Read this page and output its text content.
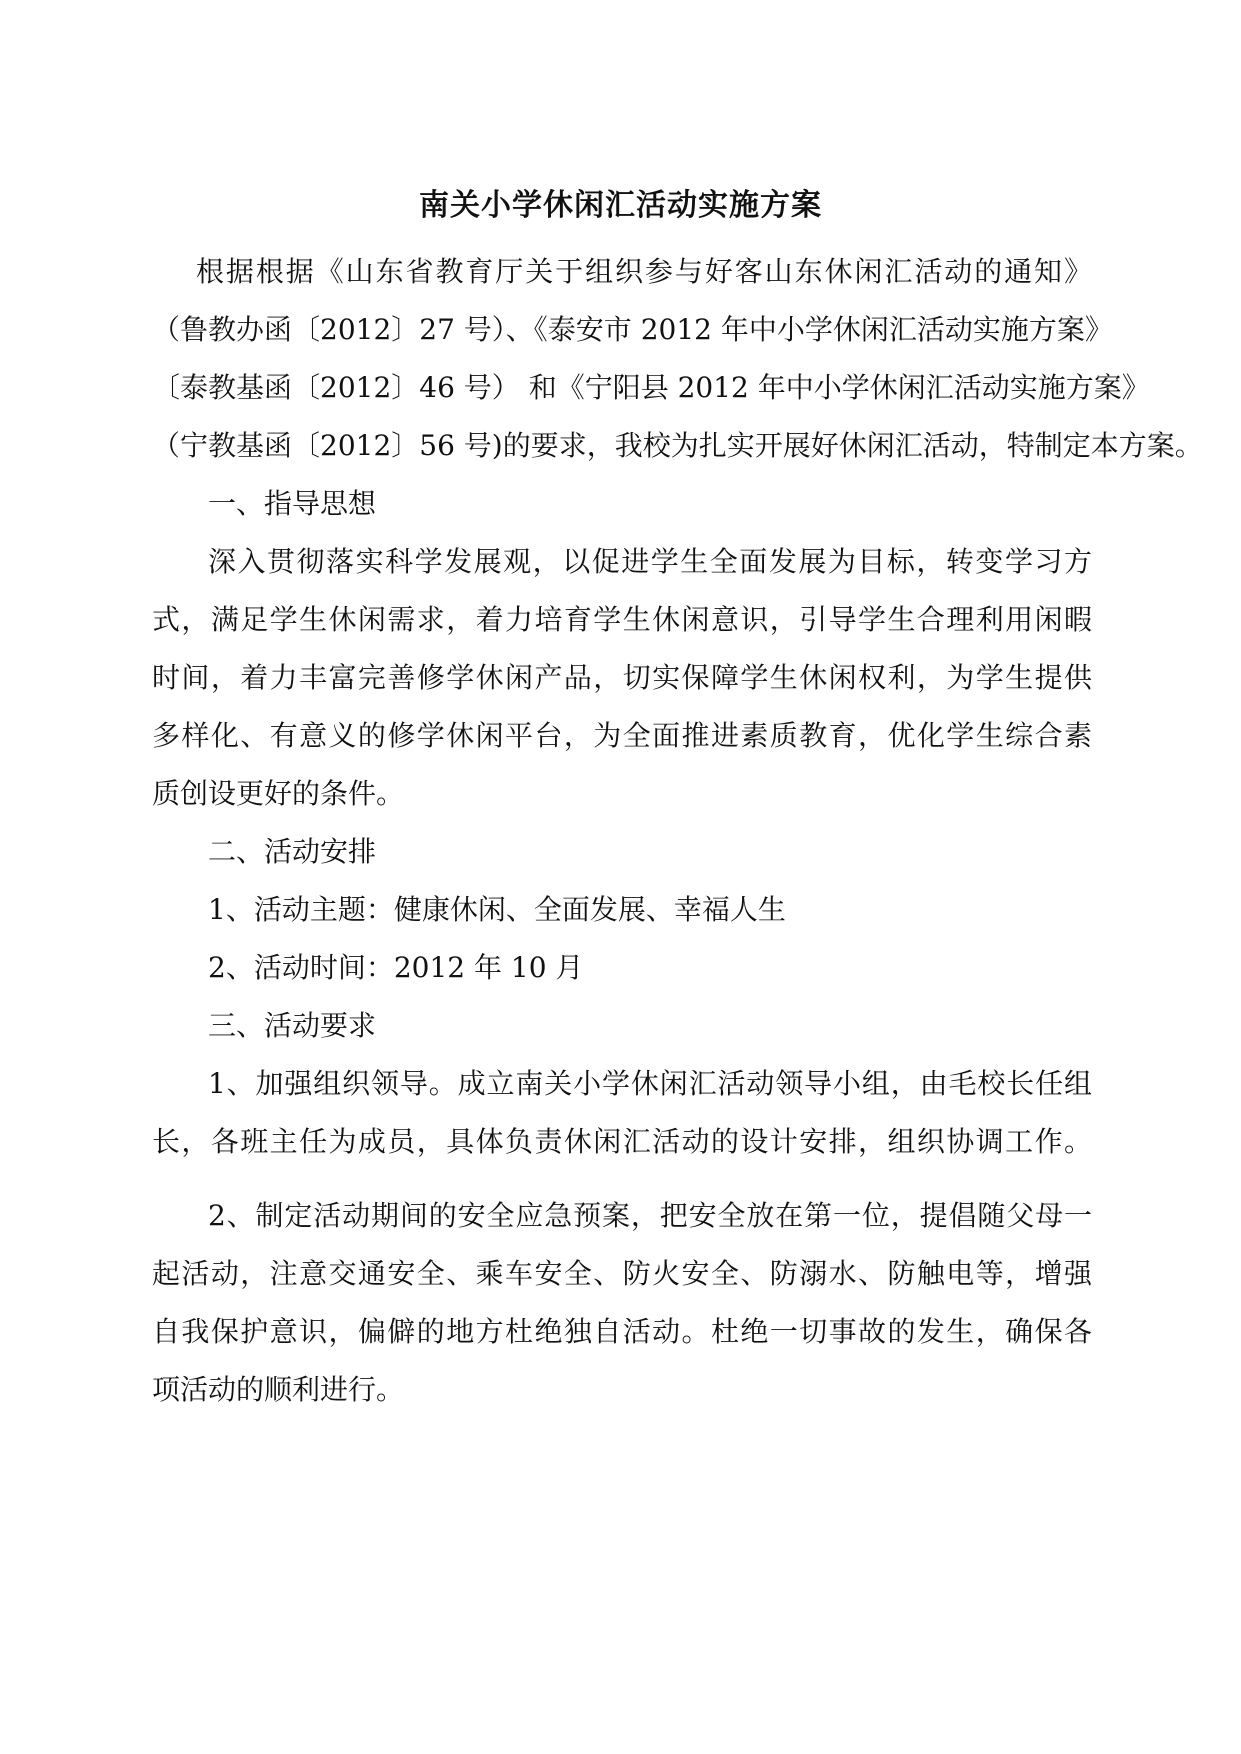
南关小学休闲汇活动实施方案
根据根据《山东省教育厅关于组织参与好客山东休闲汇活动的通知》
（鲁教办函〔2012〕27 号）、《泰安市 2012 年中小学休闲汇活动实施方案》
〔泰教基函〔2012〕46 号） 和《宁阳县 2012 年中小学休闲汇活动实施方案》
（宁教基函〔2012〕56 号)的要求，我校为扎实开展好休闲汇活动，特制定本方案。
一、指导思想
深入贯彻落实科学发展观，以促进学生全面发展为目标，转变学习方
式，满足学生休闲需求，着力培育学生休闲意识，引导学生合理利用闲暇
时间，着力丰富完善修学休闲产品，切实保障学生休闲权利，为学生提供
多样化、有意义的修学休闲平台，为全面推进素质教育，优化学生综合素
质创设更好的条件。
二、活动安排
1、活动主题：健康休闲、全面发展、幸福人生
2、活动时间：2012 年 10 月
三、活动要求
1、加强组织领导。成立南关小学休闲汇活动领导小组，由毛校长任组
长，各班主任为成员，具体负责休闲汇活动的设计安排，组织协调工作。
2、制定活动期间的安全应急预案，把安全放在第一位，提倡随父母一
起活动，注意交通安全、乘车安全、防火安全、防溺水、防触电等，增强
自我保护意识，偏僻的地方杜绝独自活动。杜绝一切事故的发生，确保各
项活动的顺利进行。
